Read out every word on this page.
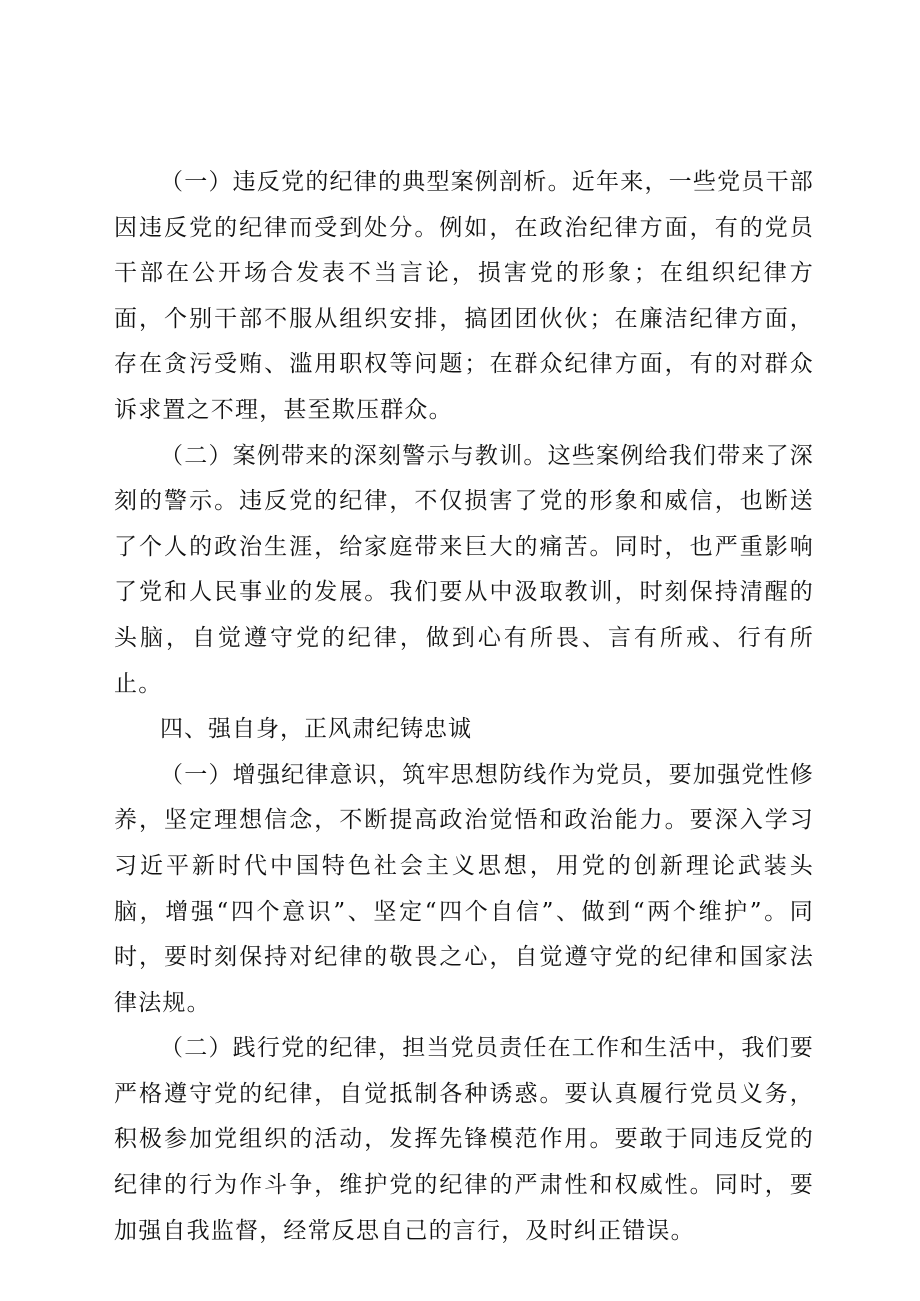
（一）违反党的纪律的典型案例剖析。近年来，一些党员干部因违反党的纪律而受到处分。例如，在政治纪律方面，有的党员干部在公开场合发表不当言论，损害党的形象；在组织纪律方面，个别干部不服从组织安排，搞团团伙伙；在廉洁纪律方面，存在贪污受贿、滥用职权等问题；在群众纪律方面，有的对群众诉求置之不理，甚至欺压群众。

（二）案例带来的深刻警示与教训。这些案例给我们带来了深刻的警示。违反党的纪律，不仅损害了党的形象和威信，也断送了个人的政治生涯，给家庭带来巨大的痛苦。同时，也严重影响了党和人民事业的发展。我们要从中汲取教训，时刻保持清醒的头脑，自觉遵守党的纪律，做到心有所畏、言有所戒、行有所止。

四、强自身，正风肃纪铸忠诚

（一）增强纪律意识，筑牢思想防线作为党员，要加强党性修养，坚定理想信念，不断提高政治觉悟和政治能力。要深入学习习近平新时代中国特色社会主义思想，用党的创新理论武装头脑，增强“四个意识”、坚定“四个自信”、做到“两个维护”。同时，要时刻保持对纪律的敬畏之心，自觉遵守党的纪律和国家法律法规。

（二）践行党的纪律，担当党员责任在工作和生活中，我们要严格遵守党的纪律，自觉抵制各种诱惑。要认真履行党员义务，积极参加党组织的活动，发挥先锋模范作用。要敢于同违反党的纪律的行为作斗争，维护党的纪律的严肃性和权威性。同时，要加强自我监督，经常反思自己的言行，及时纠正错误。
